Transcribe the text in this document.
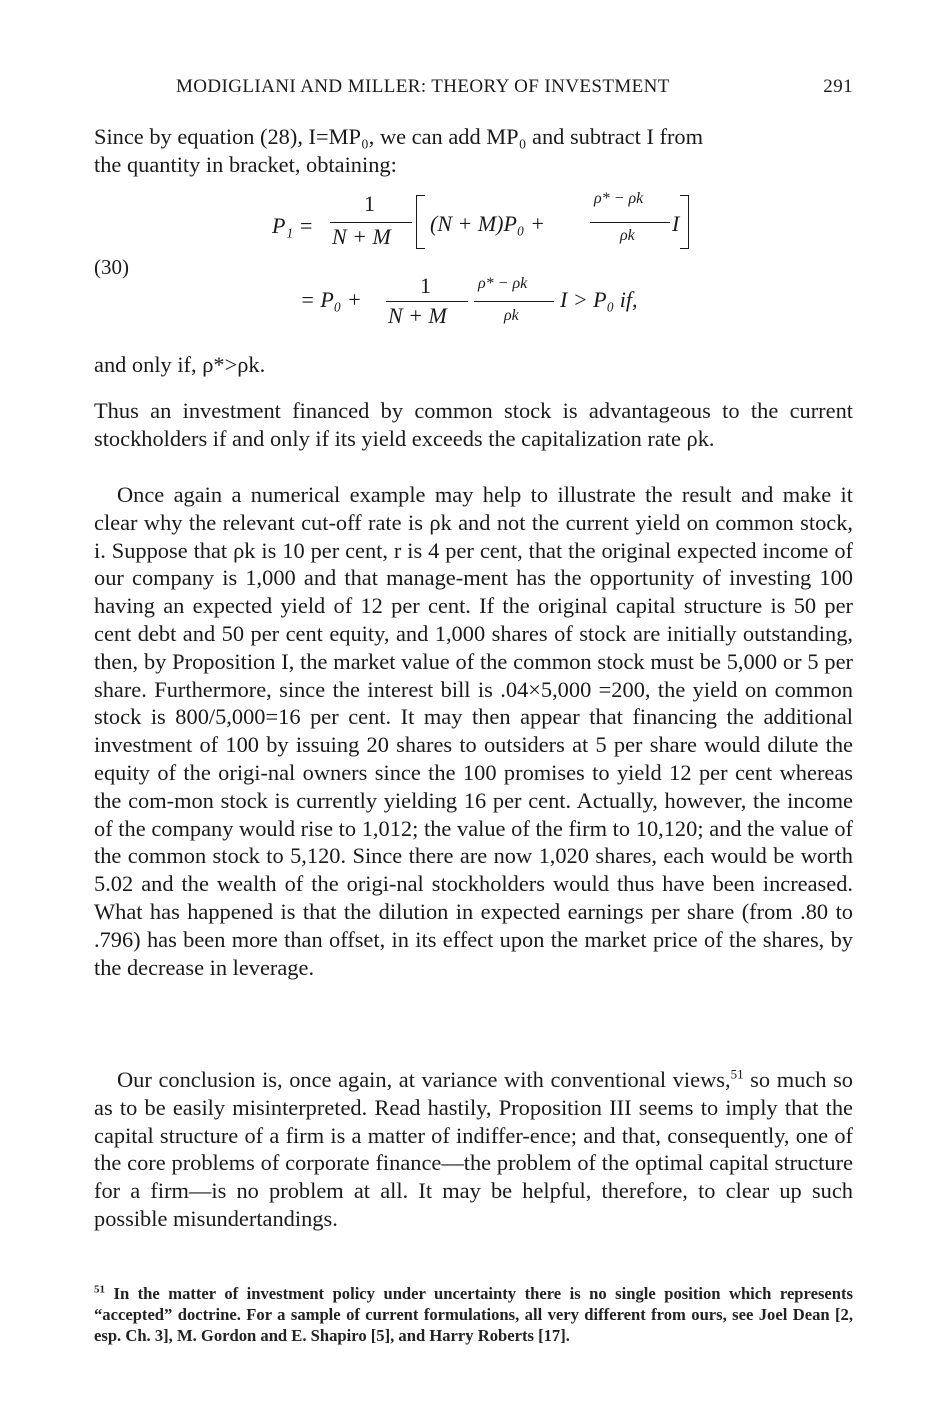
MODIGLIANI AND MILLER: THEORY OF INVESTMENT	291

Since by equation (28), I=MP₀, we can add MP₀ and subtract I from
the quantity in bracket, obtaining:

(30)
P₁ =
1
N + M
(N + M)P₀ +
ρ* − ρk
ρk I
= P₀ +
1
N + M
ρ* − ρk
ρk
I > P₀ if,

and only if, ρ*>ρk.

Thus an investment financed by common stock is advantageous to the current stockholders if and only if its yield exceeds the capitalization rate ρk.

Once again a numerical example may help to illustrate the result and make it clear why the relevant cut-off rate is ρk and not the current yield on common stock, i. Suppose that ρk is 10 per cent, r is 4 per cent, that the original expected income of our company is 1,000 and that manage-ment has the opportunity of investing 100 having an expected yield of 12 per cent. If the original capital structure is 50 per cent debt and 50 per cent equity, and 1,000 shares of stock are initially outstanding, then, by Proposition I, the market value of the common stock must be 5,000 or 5 per share. Furthermore, since the interest bill is .04×5,000 =200, the yield on common stock is 800/5,000=16 per cent. It may then appear that financing the additional investment of 100 by issuing 20 shares to outsiders at 5 per share would dilute the equity of the origi-nal owners since the 100 promises to yield 12 per cent whereas the com-mon stock is currently yielding 16 per cent. Actually, however, the income of the company would rise to 1,012; the value of the firm to 10,120; and the value of the common stock to 5,120. Since there are now 1,020 shares, each would be worth 5.02 and the wealth of the origi-nal stockholders would thus have been increased. What has happened is that the dilution in expected earnings per share (from .80 to .796) has been more than offset, in its effect upon the market price of the shares, by the decrease in leverage.

Our conclusion is, once again, at variance with conventional views,$^{51}$ so much so as to be easily misinterpreted. Read hastily, Proposition III seems to imply that the capital structure of a firm is a matter of indiffer-ence; and that, consequently, one of the core problems of corporate finance—the problem of the optimal capital structure for a firm—is no problem at all. It may be helpful, therefore, to clear up such possible misundertandings.

$^{51}$ In the matter of investment policy under uncertainty there is no single position which represents “accepted” doctrine. For a sample of current formulations, all very different from ours, see Joel Dean [2, esp. Ch. 3], M. Gordon and E. Shapiro [5], and Harry Roberts [17].
